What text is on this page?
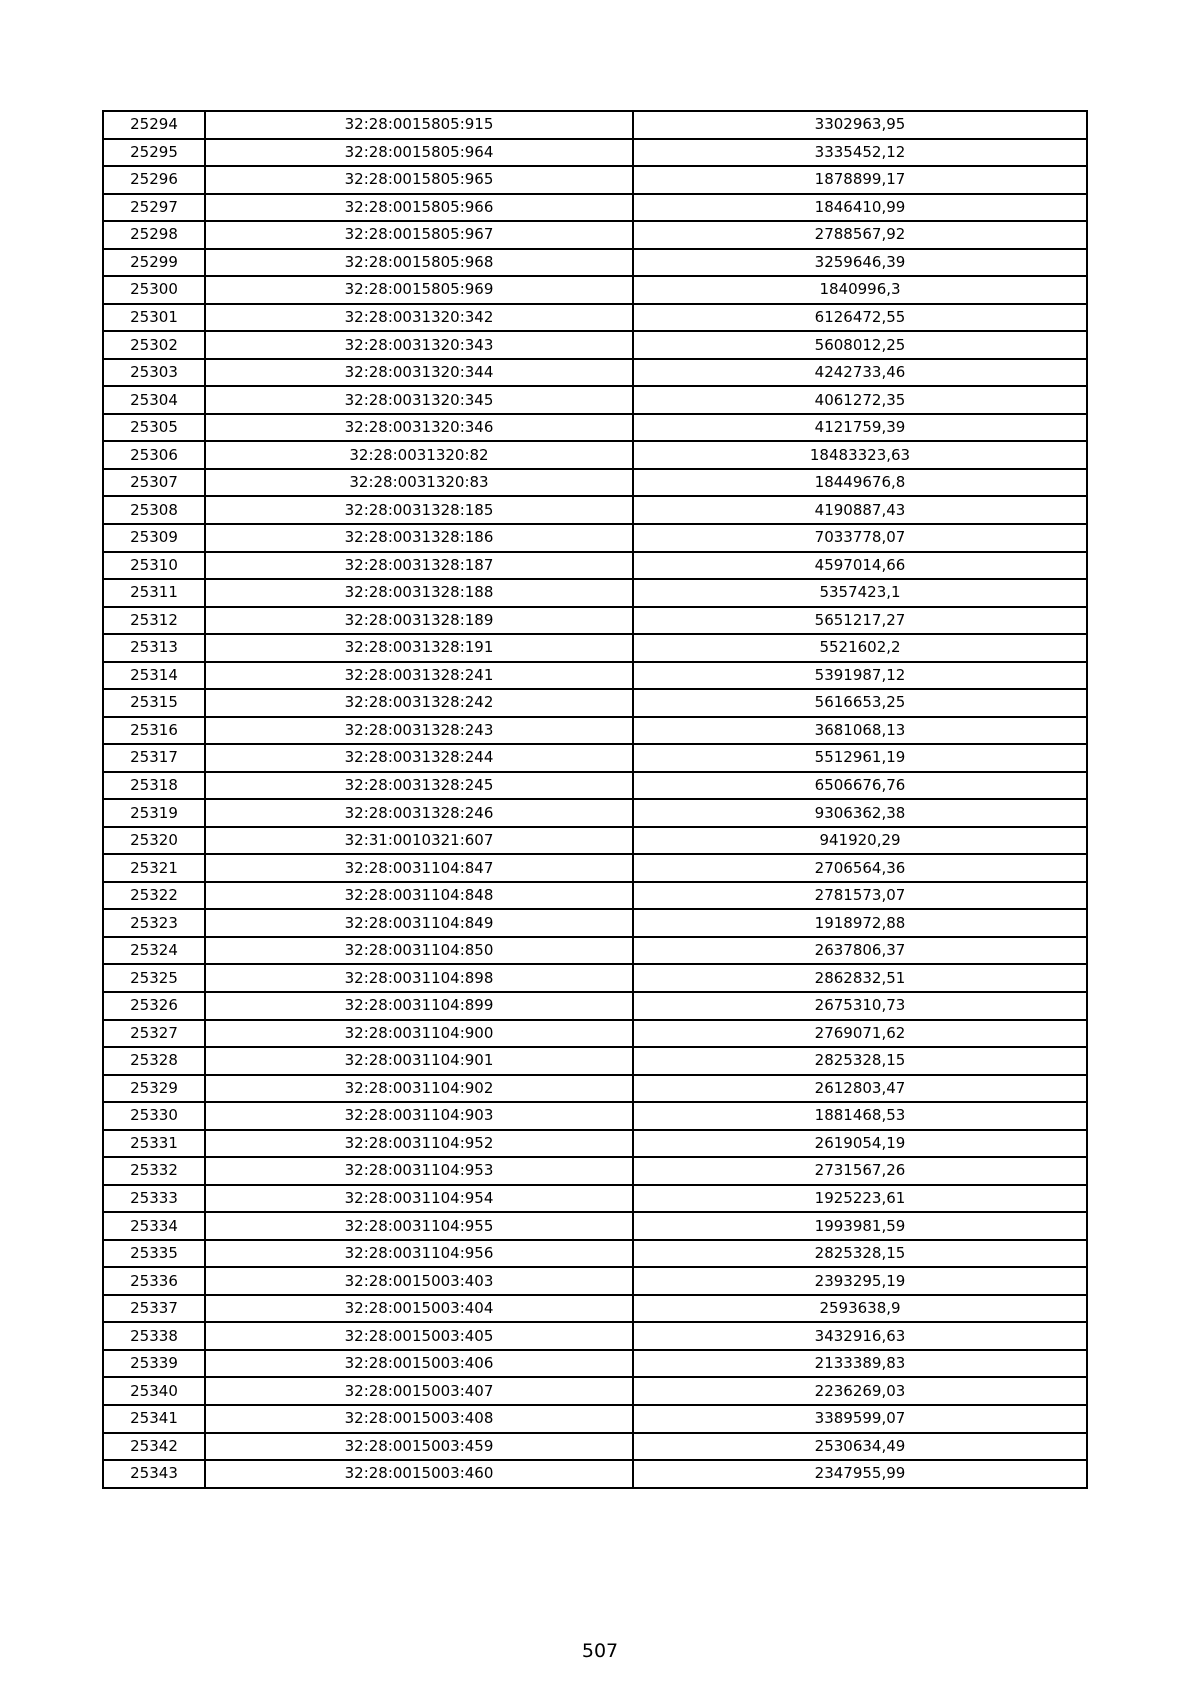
25294	32:28:0015805:915	3302963,95
25295	32:28:0015805:964	3335452,12
25296	32:28:0015805:965	1878899,17
25297	32:28:0015805:966	1846410,99
25298	32:28:0015805:967	2788567,92
25299	32:28:0015805:968	3259646,39
25300	32:28:0015805:969	1840996,3
25301	32:28:0031320:342	6126472,55
25302	32:28:0031320:343	5608012,25
25303	32:28:0031320:344	4242733,46
25304	32:28:0031320:345	4061272,35
25305	32:28:0031320:346	4121759,39
25306	32:28:0031320:82	18483323,63
25307	32:28:0031320:83	18449676,8
25308	32:28:0031328:185	4190887,43
25309	32:28:0031328:186	7033778,07
25310	32:28:0031328:187	4597014,66
25311	32:28:0031328:188	5357423,1
25312	32:28:0031328:189	5651217,27
25313	32:28:0031328:191	5521602,2
25314	32:28:0031328:241	5391987,12
25315	32:28:0031328:242	5616653,25
25316	32:28:0031328:243	3681068,13
25317	32:28:0031328:244	5512961,19
25318	32:28:0031328:245	6506676,76
25319	32:28:0031328:246	9306362,38
25320	32:31:0010321:607	941920,29
25321	32:28:0031104:847	2706564,36
25322	32:28:0031104:848	2781573,07
25323	32:28:0031104:849	1918972,88
25324	32:28:0031104:850	2637806,37
25325	32:28:0031104:898	2862832,51
25326	32:28:0031104:899	2675310,73
25327	32:28:0031104:900	2769071,62
25328	32:28:0031104:901	2825328,15
25329	32:28:0031104:902	2612803,47
25330	32:28:0031104:903	1881468,53
25331	32:28:0031104:952	2619054,19
25332	32:28:0031104:953	2731567,26
25333	32:28:0031104:954	1925223,61
25334	32:28:0031104:955	1993981,59
25335	32:28:0031104:956	2825328,15
25336	32:28:0015003:403	2393295,19
25337	32:28:0015003:404	2593638,9
25338	32:28:0015003:405	3432916,63
25339	32:28:0015003:406	2133389,83
25340	32:28:0015003:407	2236269,03
25341	32:28:0015003:408	3389599,07
25342	32:28:0015003:459	2530634,49
25343	32:28:0015003:460	2347955,99
507
